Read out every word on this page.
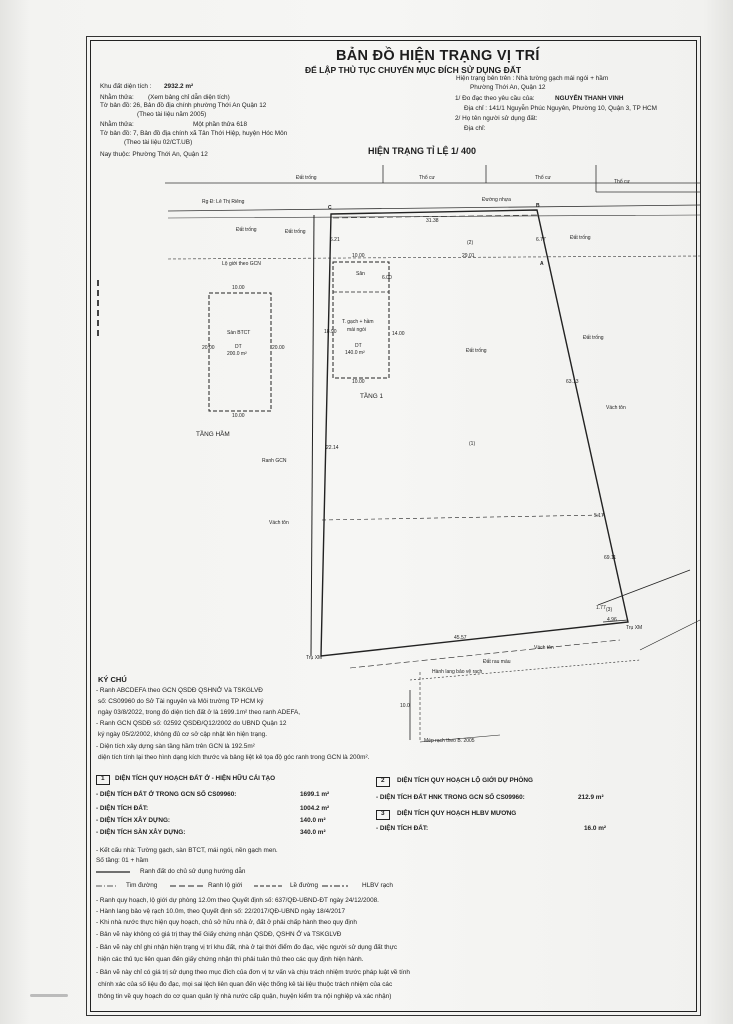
BẢN ĐỒ HIỆN TRẠNG VỊ TRÍ
ĐỂ LẬP THỦ TỤC CHUYỂN MỤC ĐÍCH SỬ DỤNG ĐẤT
Khu đất diện tích : 2932.2 m²
Nhằm thửa: (Xem bảng chỉ dẫn diện tích)
Tờ bản đồ: 26, Bản đồ địa chính phường Thới An Quận 12
(Theo tài liệu năm 2005)
Nhằm thửa:	Một phần thửa 618
Tờ bản đồ: 7, Bản đồ địa chính xã Tân Thới Hiệp, huyện Hóc Môn
(Theo tài liệu 02/CT.UB)
Nay thuộc: Phường Thới An, Quận 12
Hiện trạng bên trên : Nhà tường gạch mái ngói + hầm
Phường Thới An, Quận 12
1/ Đo đạc theo yêu cầu của:	NGUYỄN THANH VINH
Địa chỉ : 141/1 Nguyễn Phúc Nguyên, Phường 10, Quận 3, TP HCM
2/ Họ tên người sử dụng đất:
Địa chỉ:
HIỆN TRẠNG TỈ LỆ 1/ 400
Đất trống	Thổ cư	Thổ cư
Thổ cư
Rg Đ: Lê Thị Riêng	Đường nhựa
Lộ giới theo GCN
Đất trống	Đất trống
Đất trống
Đất trống
Đất trống
Sân
T. gạch + hầm
mái ngói
DT
140.0 m²
TẦNG 1
Sàn BTCT
DT
200.0 m²
TẦNG HẦM
Ranh GCN
Vách tôn
Vách tôn
Vách tôn
(2)
(1)
(3)
Trụ XM
Trụ XM
Đất rau màu
Hành lang bảo vệ rạch
Mép rạch theo B. 2005
C	B
A
31.38
29.01
10.00
10.00
14.00
10.00
10.00
20.00	20.00
18.90
22.14
63.13
69.11
45.57
6.77
5.17
4.96
1.77
6.21
6.00
10.0
KÝ CHÚ
- Ranh ABCDEFA theo GCN QSDĐ QSHNỞ Và TSKGLVĐ
số: CS09960 do Sở Tài nguyên và Môi trường TP HCM ký
ngày 03/8/2022, trong đó diện tích đất ở là 1699.1m² theo ranh ADEFA,
- Ranh GCN QSDĐ số: 02592 QSDĐ/Q12/2002 do UBND Quận 12
ký ngày 05/2/2002, không đủ cơ sở cập nhật lên hiện trạng.
- Diện tích xây dựng sàn tầng hầm trên GCN là 192.5m²
diện tích tính lại theo hình dạng kích thước và bảng liệt kê tọa độ góc ranh trong GCN là 200m².
1 DIỆN TÍCH QUY HOẠCH ĐẤT Ở - HIỆN HỮU CẢI TẠO
- DIỆN TÍCH ĐẤT Ở TRONG GCN SỐ CS09960:	1699.1 m²
- DIỆN TÍCH ĐẤT:	1004.2 m²
- DIỆN TÍCH XÂY DỰNG:	140.0 m²
- DIỆN TÍCH SÀN XÂY DỰNG:	340.0 m²
2 DIỆN TÍCH QUY HOẠCH LỘ GIỚI DỰ PHÒNG
- DIỆN TÍCH ĐẤT HNK TRONG GCN SỐ CS09960:	212.9 m²
3 DIỆN TÍCH QUY HOẠCH HLBV MƯƠNG
- DIỆN TÍCH ĐẤT:	16.0 m²
- Kết cấu nhà: Tường gạch, sàn BTCT, mái ngói, nền gạch men.
Số tầng: 01 + hầm
Ranh đất do chủ sử dụng hướng dẫn
Tim đường	Ranh lộ giới	Lề đường	HLBV rạch
- Ranh quy hoạch, lộ giới dự phòng 12.0m theo Quyết định số: 637/QĐ-UBND-ĐT ngày 24/12/2008.
- Hành lang bảo vệ rạch 10.0m, theo Quyết định số: 22/2017/QĐ-UBND ngày 18/4/2017
- Khi nhà nước thực hiện quy hoạch, chủ sở hữu nhà ở, đất ở phải chấp hành theo quy định
- Bản vẽ này không có giá trị thay thế Giấy chứng nhận QSDĐ, QSHN Ở và TSKGLVĐ
- Bản vẽ này chỉ ghi nhận hiện trạng vị trí khu đất, nhà ở tại thời điểm đo đạc, việc người sử dụng đất thực
hiện các thủ tục liên quan đến giấy chứng nhận thì phải tuân thủ theo các quy định hiện hành.
- Bản vẽ này chỉ có giá trị sử dụng theo mục đích của đơn vị tư vấn và chịu trách nhiệm trước pháp luật về tính
chính xác của số liệu đo đạc, mọi sai lệch liên quan đến việc thống kê tài liệu thuộc trách nhiệm của các
thông tin về quy hoạch do cơ quan quản lý nhà nước cấp quận, huyện kiểm tra nội nghiệp và xác nhận)
